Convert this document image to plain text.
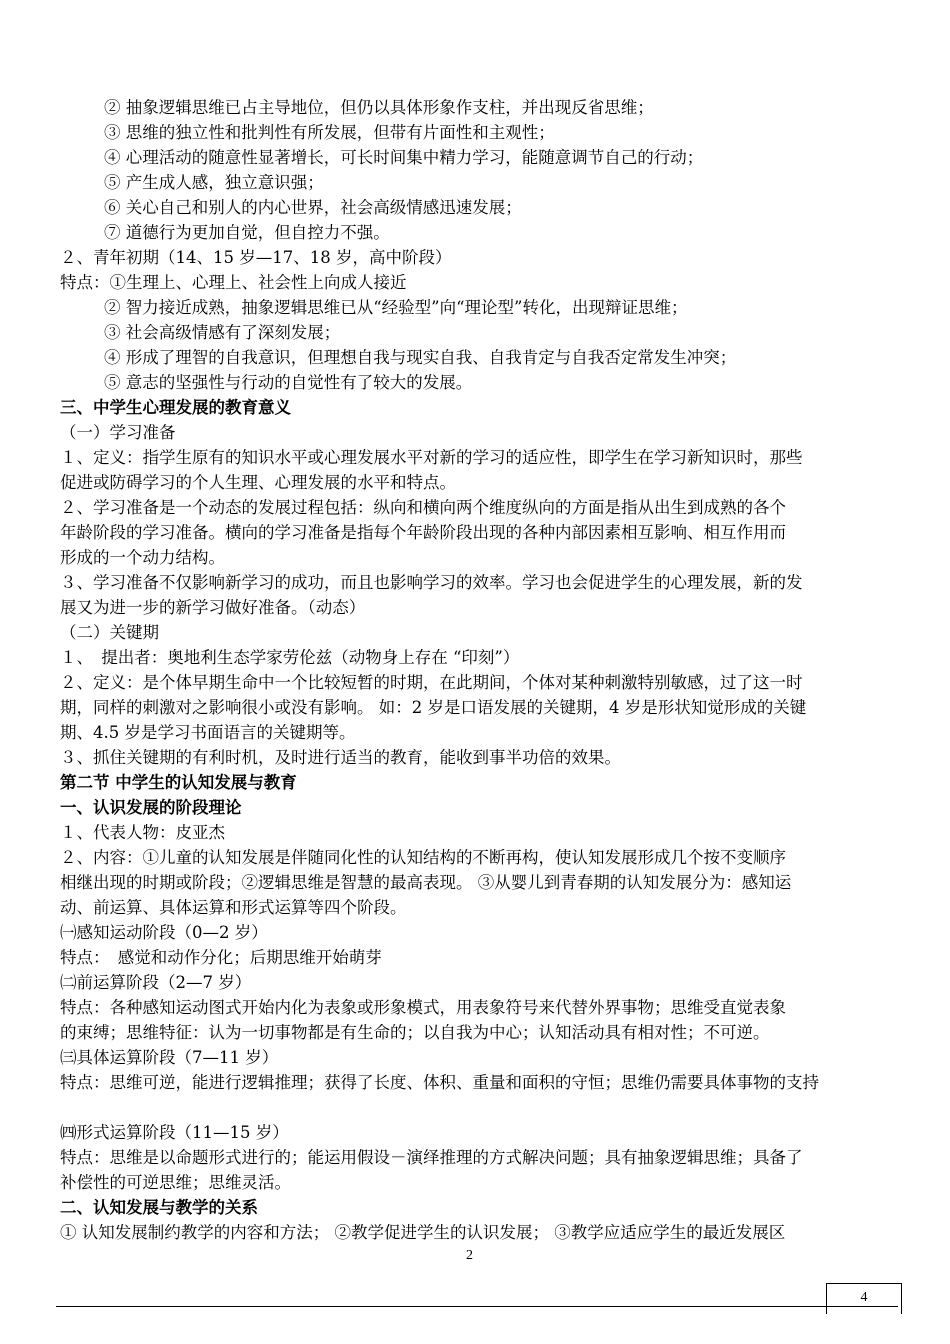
② 抽象逻辑思维已占主导地位，但仍以具体形象作支柱，并出现反省思维；
③ 思维的独立性和批判性有所发展，但带有片面性和主观性；
④ 心理活动的随意性显著增长，可长时间集中精力学习，能随意调节自己的行动；
⑤ 产生成人感，独立意识强；
⑥ 关心自己和别人的内心世界，社会高级情感迅速发展；
⑦ 道德行为更加自觉，但自控力不强。
２、青年初期（14、15 岁—17、18 岁，高中阶段）
特点：①生理上、心理上、社会性上向成人接近
② 智力接近成熟，抽象逻辑思维已从“经验型”向“理论型”转化，出现辩证思维；
③ 社会高级情感有了深刻发展；
④ 形成了理智的自我意识，但理想自我与现实自我、自我肯定与自我否定常发生冲突；
⑤ 意志的坚强性与行动的自觉性有了较大的发展。
三、中学生心理发展的教育意义
（一）学习准备
１、定义：指学生原有的知识水平或心理发展水平对新的学习的适应性，即学生在学习新知识时，那些
促进或防碍学习的个人生理、心理发展的水平和特点。
２、学习准备是一个动态的发展过程包括：纵向和横向两个维度纵向的方面是指从出生到成熟的各个
年龄阶段的学习准备。横向的学习准备是指每个年龄阶段出现的各种内部因素相互影响、相互作用而
形成的一个动力结构。
３、学习准备不仅影响新学习的成功，而且也影响学习的效率。学习也会促进学生的心理发展，新的发
展又为进一步的新学习做好准备。（动态）
（二）关键期
１、　提出者：奥地利生态学家劳伦兹（动物身上存在 “印刻”）
２、定义：是个体早期生命中一个比较短暂的时期，在此期间，个体对某种刺激特别敏感，过了这一时
期，同样的刺激对之影响很小或没有影响。 如：2 岁是口语发展的关键期，4 岁是形状知觉形成的关键
期、4.5 岁是学习书面语言的关键期等。
３、抓住关键期的有利时机，及时进行适当的教育，能收到事半功倍的效果。
第二节 中学生的认知发展与教育
一、认识发展的阶段理论
１、代表人物：皮亚杰
２、内容：①儿童的认知发展是伴随同化性的认知结构的不断再构，使认知发展形成几个按不变顺序
相继出现的时期或阶段；②逻辑思维是智慧的最高表现。 ③从婴儿到青春期的认知发展分为：感知运
动、前运算、具体运算和形式运算等四个阶段。
㈠感知运动阶段（0—2 岁）
特点：　感觉和动作分化；后期思维开始萌芽
㈡前运算阶段（2—7 岁）
特点：各种感知运动图式开始内化为表象或形象模式，用表象符号来代替外界事物；思维受直觉表象
的束缚；思维特征：认为一切事物都是有生命的；以自我为中心；认知活动具有相对性；不可逆。
㈢具体运算阶段（7—11 岁）
特点：思维可逆，能进行逻辑推理；获得了长度、体积、重量和面积的守恒；思维仍需要具体事物的支持
㈣形式运算阶段（11—15 岁）
特点：思维是以命题形式进行的；能运用假设－演绎推理的方式解决问题；具有抽象逻辑思维；具备了
补偿性的可逆思维；思维灵活。
二、认知发展与教学的关系
① 认知发展制约教学的内容和方法； ②教学促进学生的认识发展； ③教学应适应学生的最近发展区
2
4
